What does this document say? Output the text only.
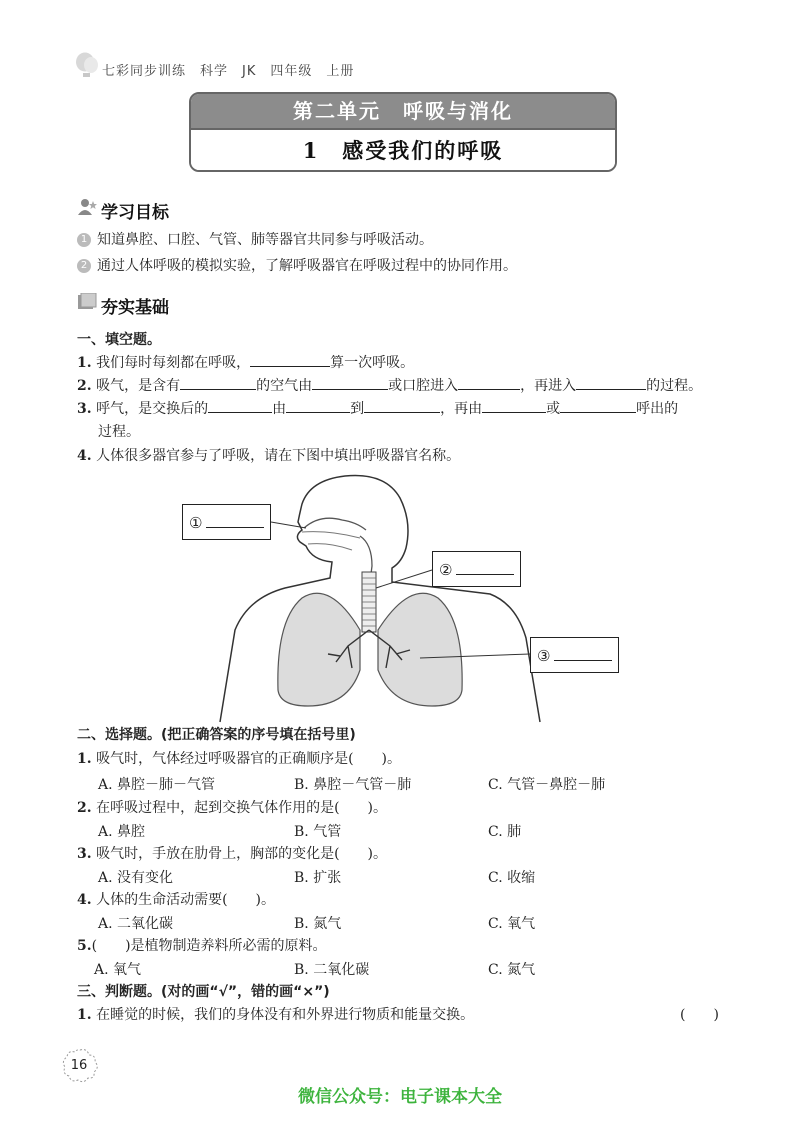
七彩同步训练　科学　JK　四年级　上册
第二单元　呼吸与消化
1　感受我们的呼吸
学习目标
1 知道鼻腔、口腔、气管、肺等器官共同参与呼吸活动。
2 通过人体呼吸的模拟实验，了解呼吸器官在呼吸过程中的协同作用。
夯实基础
一、填空题。
1. 我们每时每刻都在呼吸，	算一次呼吸。
2. 吸气，是含有	的空气由	或口腔进入	，再进入	的过程。
3. 呼气，是交换后的	由	到	，再由	或	呼出的
过程。
4. 人体很多器官参与了呼吸，请在下图中填出呼吸器官名称。
①
②
③
二、选择题。(把正确答案的序号填在括号里)
1. 吸气时，气体经过呼吸器官的正确顺序是(　　)。
A. 鼻腔－肺－气管	B. 鼻腔－气管－肺	C. 气管－鼻腔－肺
2. 在呼吸过程中，起到交换气体作用的是(　　)。
A. 鼻腔	B. 气管	C. 肺
3. 吸气时，手放在肋骨上，胸部的变化是(　　)。
A. 没有变化	B. 扩张	C. 收缩
4. 人体的生命活动需要(　　)。
A. 二氧化碳	B. 氮气	C. 氧气
5.(　　)是植物制造养料所必需的原料。
A. 氧气	B. 二氧化碳	C. 氮气
三、判断题。(对的画“√”，错的画“×”)
1. 在睡觉的时候，我们的身体没有和外界进行物质和能量交换。	(　　)
16
微信公众号：电子课本大全
